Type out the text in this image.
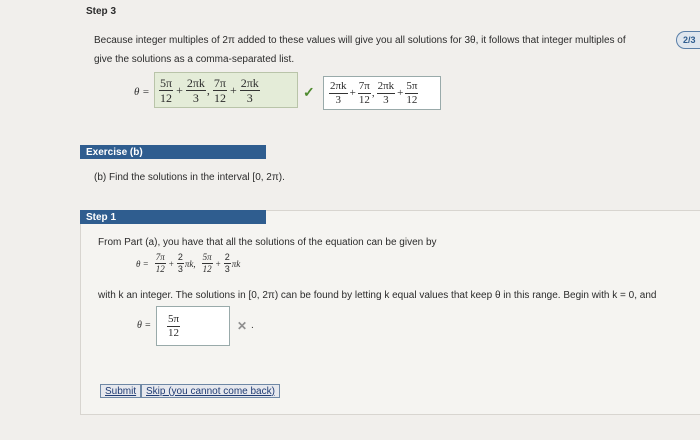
Step 3
Because integer multiples of 2π added to these values will give you all solutions for 3θ, it follows that integer multiples of	2/3
give the solutions as a comma-separated list.
$\theta = \frac{5\pi}{12} + \frac{2\pi k}{3}$ , $\frac{7\pi}{12} + \frac{2\pi k}{3}$	✓ $\frac{2\pi k}{3} + \frac{7\pi}{12}$ , $\frac{2\pi k}{3} + \frac{5\pi}{12}$
Exercise (b)
(b) Find the solutions in the interval [0, 2π).
Step 1
From Part (a), you have that all the solutions of the equation can be given by
$\theta = \frac{7\pi}{12} + \frac{2}{3} \pi k$, $\frac{5\pi}{12} + \frac{2}{3}$ πk
with k an integer. The solutions in [0, 2π) can be found by letting k equal values that keep θ in this range. Begin with k = 0, and
$\theta = \frac{5\pi}{12}$	✕ .
Submit Skip (you cannot come back)
